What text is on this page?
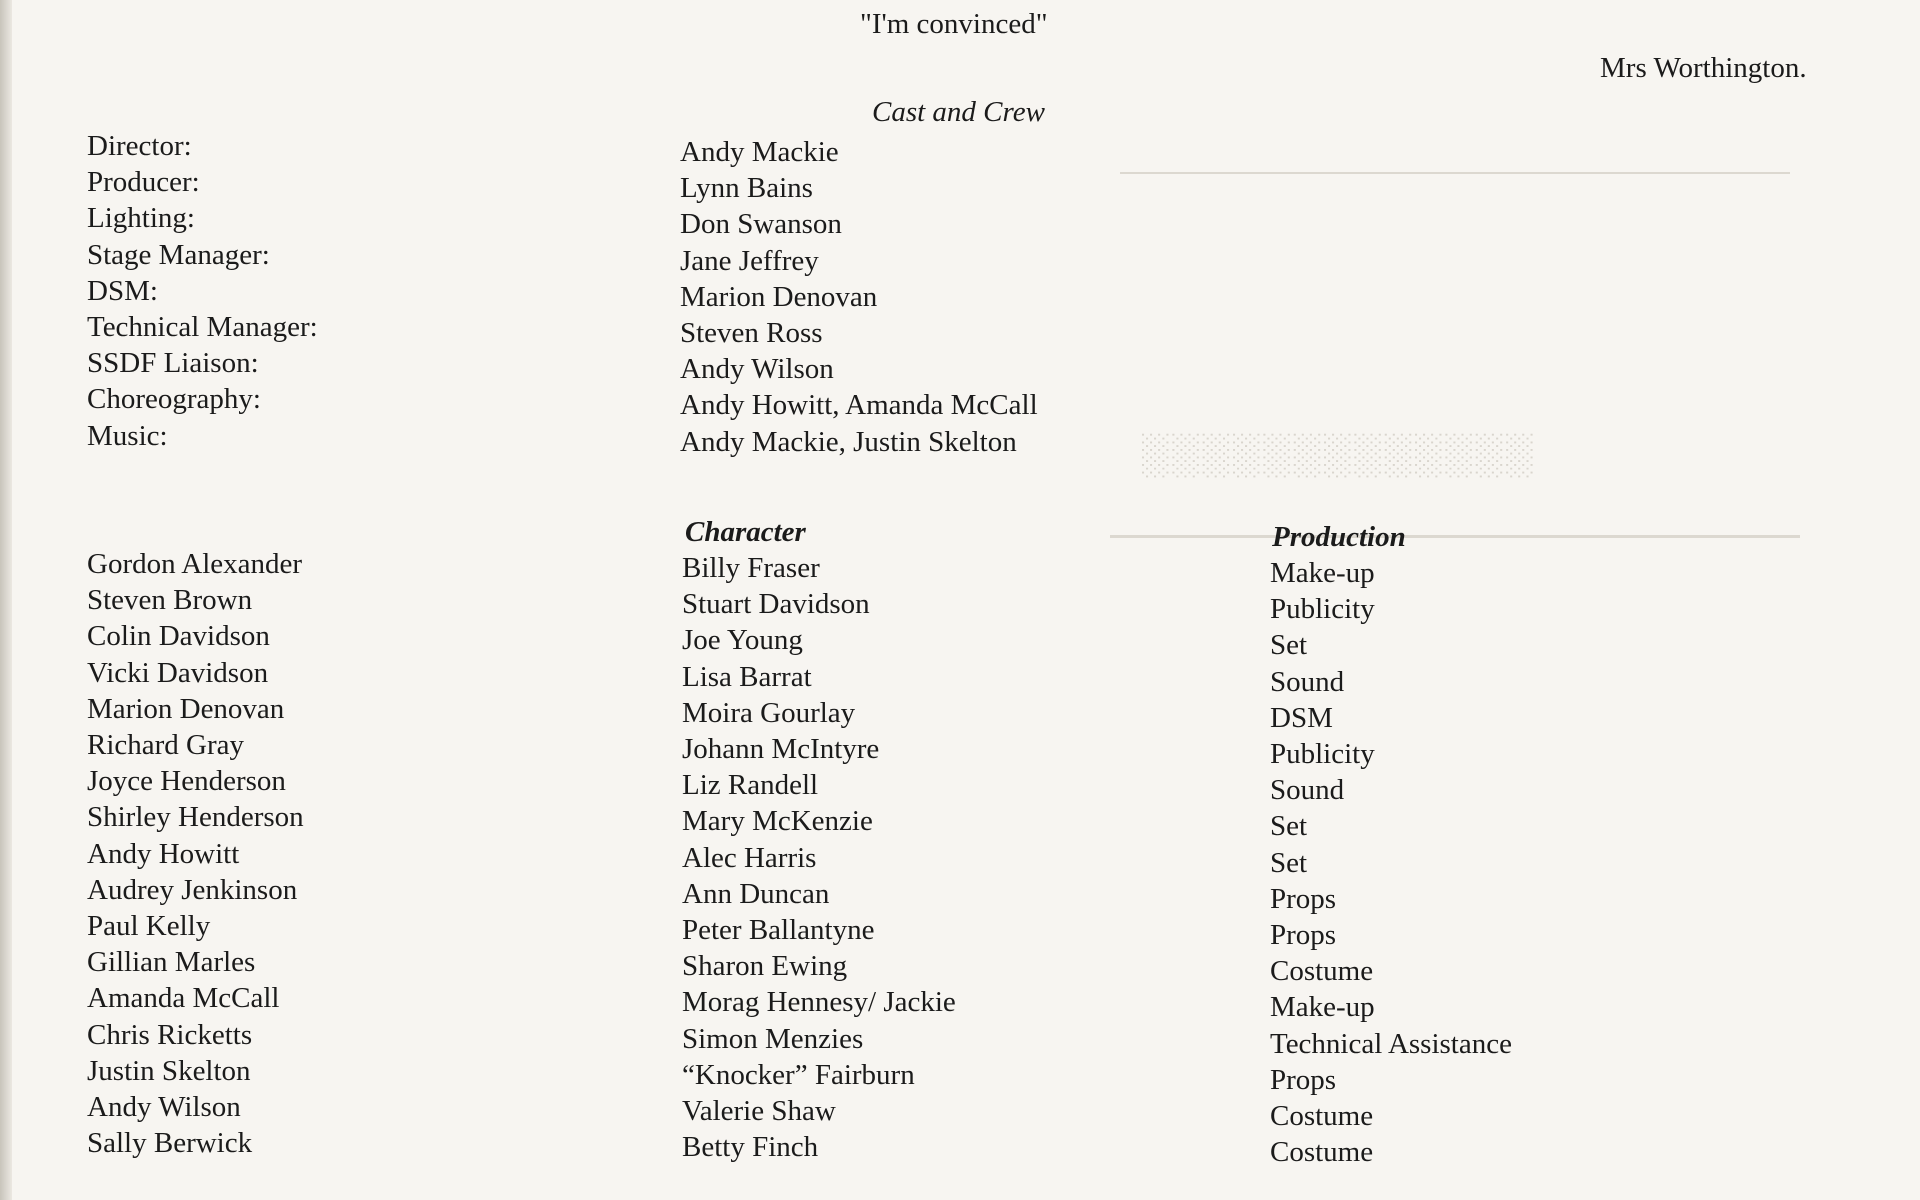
░░░░░░░░░░░░░
"I'm convinced"
Mrs Worthington.
Cast and Crew
Director:
Producer:
Lighting:
Stage Manager:
DSM:
Technical Manager:
SSDF Liaison:
Choreography:
Music:
Andy Mackie
Lynn Bains
Don Swanson
Jane Jeffrey
Marion Denovan
Steven Ross
Andy Wilson
Andy Howitt, Amanda McCall
Andy Mackie, Justin Skelton
Character	Production
Gordon Alexander
Steven Brown
Colin Davidson
Vicki Davidson
Marion Denovan
Richard Gray
Joyce Henderson
Shirley Henderson
Andy Howitt
Audrey Jenkinson
Paul Kelly
Gillian Marles
Amanda McCall
Chris Ricketts
Justin Skelton
Andy Wilson
Sally Berwick
Billy Fraser
Stuart Davidson
Joe Young
Lisa Barrat
Moira Gourlay
Johann McIntyre
Liz Randell
Mary McKenzie
Alec Harris
Ann Duncan
Peter Ballantyne
Sharon Ewing
Morag Hennesy/ Jackie
Simon Menzies
“Knocker” Fairburn
Valerie Shaw
Betty Finch
Make-up
Publicity
Set
Sound
DSM
Publicity
Sound
Set
Set
Props
Props
Costume
Make-up
Technical Assistance
Props
Costume
Costume
